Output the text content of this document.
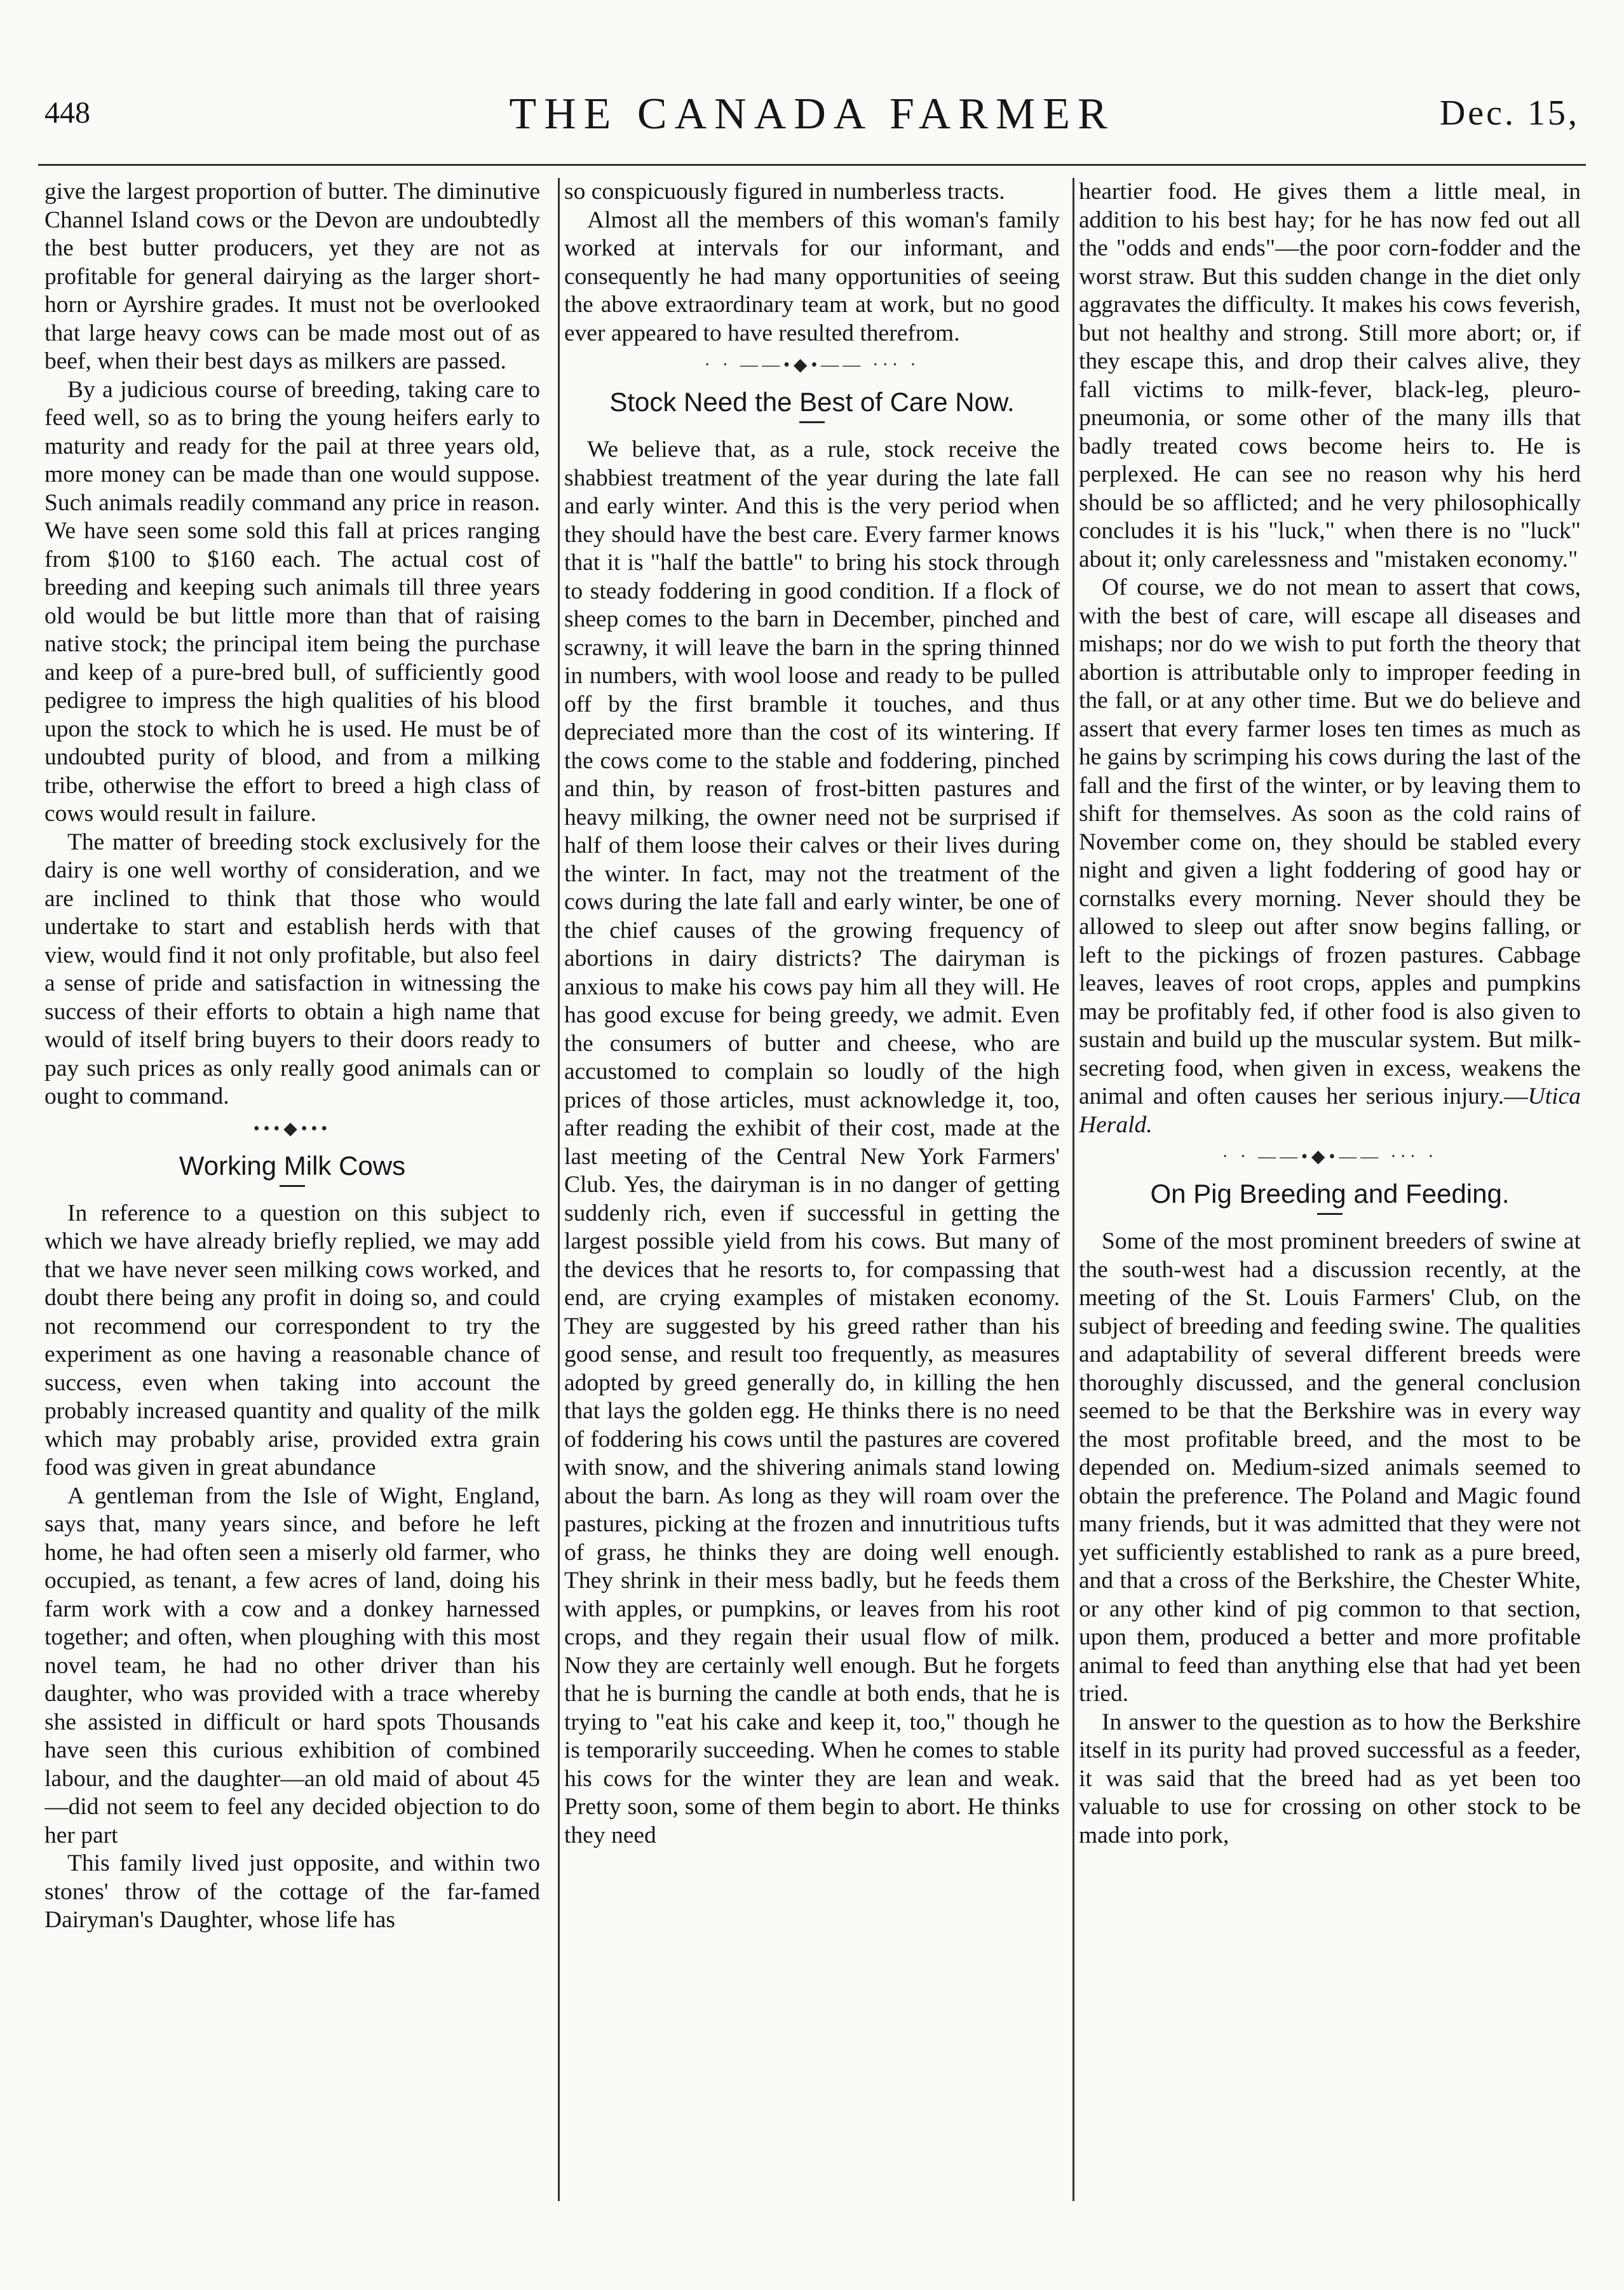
448	THE CANADA FARMER	Dec. 15,

give the largest proportion of butter. The diminutive Channel Island cows or the Devon are undoubtedly the best butter producers, yet they are not as profitable for general dairying as the larger short-horn or Ayrshire grades. It must not be overlooked that large heavy cows can be made most out of as beef, when their best days as milkers are passed.

By a judicious course of breeding, taking care to feed well, so as to bring the young heifers early to maturity and ready for the pail at three years old, more money can be made than one would suppose. Such animals readily command any price in reason. We have seen some sold this fall at prices ranging from $100 to $160 each. The actual cost of breeding and keeping such animals till three years old would be but little more than that of raising native stock; the principal item being the purchase and keep of a pure-bred bull, of sufficiently good pedigree to impress the high qualities of his blood upon the stock to which he is used. He must be of undoubted purity of blood, and from a milking tribe, otherwise the effort to breed a high class of cows would result in failure.

The matter of breeding stock exclusively for the dairy is one well worthy of consideration, and we are inclined to think that those who would undertake to start and establish herds with that view, would find it not only profitable, but also feel a sense of pride and satisfaction in witnessing the success of their efforts to obtain a high name that would of itself bring buyers to their doors ready to pay such prices as only really good animals can or ought to command.

•••◆•••
Working Milk Cows

In reference to a question on this subject to which we have already briefly replied, we may add that we have never seen milking cows worked, and doubt there being any profit in doing so, and could not recommend our correspondent to try the experiment as one having a reasonable chance of success, even when taking into account the probably increased quantity and quality of the milk which may probably arise, provided extra grain food was given in great abundance

A gentleman from the Isle of Wight, England, says that, many years since, and before he left home, he had often seen a miserly old farmer, who occupied, as tenant, a few acres of land, doing his farm work with a cow and a donkey harnessed together; and often, when ploughing with this most novel team, he had no other driver than his daughter, who was provided with a trace whereby she assisted in difficult or hard spots Thousands have seen this curious exhibition of combined labour, and the daughter—an old maid of about 45—did not seem to feel any decided objection to do her part

This family lived just opposite, and within two stones' throw of the cottage of the far-famed Dairyman's Daughter, whose life has

so conspicuously figured in numberless tracts.

Almost all the members of this woman's family worked at intervals for our informant, and consequently he had many opportunities of seeing the above extraordinary team at work, but no good ever appeared to have resulted therefrom.

· · ——•◆•—— ··· ·
Stock Need the Best of Care Now.

We believe that, as a rule, stock receive the shabbiest treatment of the year during the late fall and early winter. And this is the very period when they should have the best care. Every farmer knows that it is "half the battle" to bring his stock through to steady foddering in good condition. If a flock of sheep comes to the barn in December, pinched and scrawny, it will leave the barn in the spring thinned in numbers, with wool loose and ready to be pulled off by the first bramble it touches, and thus depreciated more than the cost of its wintering. If the cows come to the stable and foddering, pinched and thin, by reason of frost-bitten pastures and heavy milking, the owner need not be surprised if half of them loose their calves or their lives during the winter. In fact, may not the treatment of the cows during the late fall and early winter, be one of the chief causes of the growing frequency of abortions in dairy districts? The dairyman is anxious to make his cows pay him all they will. He has good excuse for being greedy, we admit. Even the consumers of butter and cheese, who are accustomed to complain so loudly of the high prices of those articles, must acknowledge it, too, after reading the exhibit of their cost, made at the last meeting of the Central New York Farmers' Club. Yes, the dairyman is in no danger of getting suddenly rich, even if successful in getting the largest possible yield from his cows. But many of the devices that he resorts to, for compassing that end, are crying examples of mistaken economy. They are suggested by his greed rather than his good sense, and result too frequently, as measures adopted by greed generally do, in killing the hen that lays the golden egg. He thinks there is no need of foddering his cows until the pastures are covered with snow, and the shivering animals stand lowing about the barn. As long as they will roam over the pastures, picking at the frozen and innutritious tufts of grass, he thinks they are doing well enough. They shrink in their mess badly, but he feeds them with apples, or pumpkins, or leaves from his root crops, and they regain their usual flow of milk. Now they are certainly well enough. But he forgets that he is burning the candle at both ends, that he is trying to "eat his cake and keep it, too," though he is temporarily succeeding. When he comes to stable his cows for the winter they are lean and weak. Pretty soon, some of them begin to abort. He thinks they need

heartier food. He gives them a little meal, in addition to his best hay; for he has now fed out all the "odds and ends"—the poor corn-fodder and the worst straw. But this sudden change in the diet only aggravates the difficulty. It makes his cows feverish, but not healthy and strong. Still more abort; or, if they escape this, and drop their calves alive, they fall victims to milk-fever, black-leg, pleuro-pneumonia, or some other of the many ills that badly treated cows become heirs to. He is perplexed. He can see no reason why his herd should be so afflicted; and he very philosophically concludes it is his "luck," when there is no "luck" about it; only carelessness and "mistaken economy."

Of course, we do not mean to assert that cows, with the best of care, will escape all diseases and mishaps; nor do we wish to put forth the theory that abortion is attributable only to improper feeding in the fall, or at any other time. But we do believe and assert that every farmer loses ten times as much as he gains by scrimping his cows during the last of the fall and the first of the winter, or by leaving them to shift for themselves. As soon as the cold rains of November come on, they should be stabled every night and given a light foddering of good hay or cornstalks every morning. Never should they be allowed to sleep out after snow begins falling, or left to the pickings of frozen pastures. Cabbage leaves, leaves of root crops, apples and pumpkins may be profitably fed, if other food is also given to sustain and build up the muscular system. But milk-secreting food, when given in excess, weakens the animal and often causes her serious injury.—Utica Herald.

· · ——•◆•—— ··· ·
On Pig Breeding and Feeding.

Some of the most prominent breeders of swine at the south-west had a discussion recently, at the meeting of the St. Louis Farmers' Club, on the subject of breeding and feeding swine. The qualities and adaptability of several different breeds were thoroughly discussed, and the general conclusion seemed to be that the Berkshire was in every way the most profitable breed, and the most to be depended on. Medium-sized animals seemed to obtain the preference. The Poland and Magic found many friends, but it was admitted that they were not yet sufficiently established to rank as a pure breed, and that a cross of the Berkshire, the Chester White, or any other kind of pig common to that section, upon them, produced a better and more profitable animal to feed than anything else that had yet been tried.

In answer to the question as to how the Berkshire itself in its purity had proved successful as a feeder, it was said that the breed had as yet been too valuable to use for crossing on other stock to be made into pork,
